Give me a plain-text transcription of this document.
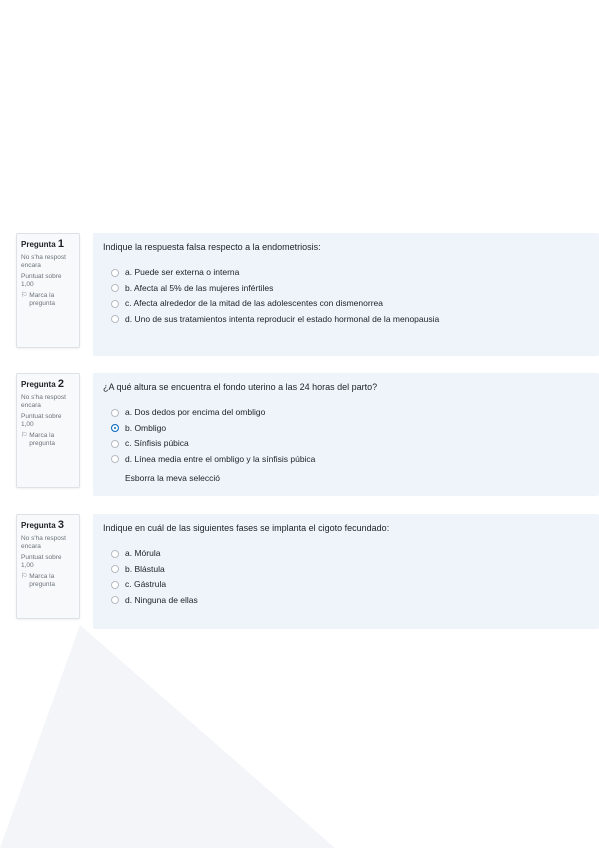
Pregunta 1
No s'ha respost encara
Puntuat sobre 1,00
⚐ Marca la pregunta
Indique la respuesta falsa respecto a la endometriosis:
a. Puede ser externa o interna
b. Afecta al 5% de las mujeres infértiles
c. Afecta alrededor de la mitad de las adolescentes con dismenorrea
d. Uno de sus tratamientos intenta reproducir el estado hormonal de la menopausia
Pregunta 2
No s'ha respost encara
Puntuat sobre 1,00
⚐ Marca la pregunta
¿A qué altura se encuentra el fondo uterino a las 24 horas del parto?
a. Dos dedos por encima del ombligo
b. Ombligo
c. Sínfisis púbica
d. Línea media entre el ombligo y la sínfisis púbica
Esborra la meva selecció
Pregunta 3
No s'ha respost encara
Puntuat sobre 1,00
⚐ Marca la pregunta
Indique en cuál de las siguientes fases se implanta el cigoto fecundado:
a. Mórula
b. Blástula
c. Gástrula
d. Ninguna de ellas
